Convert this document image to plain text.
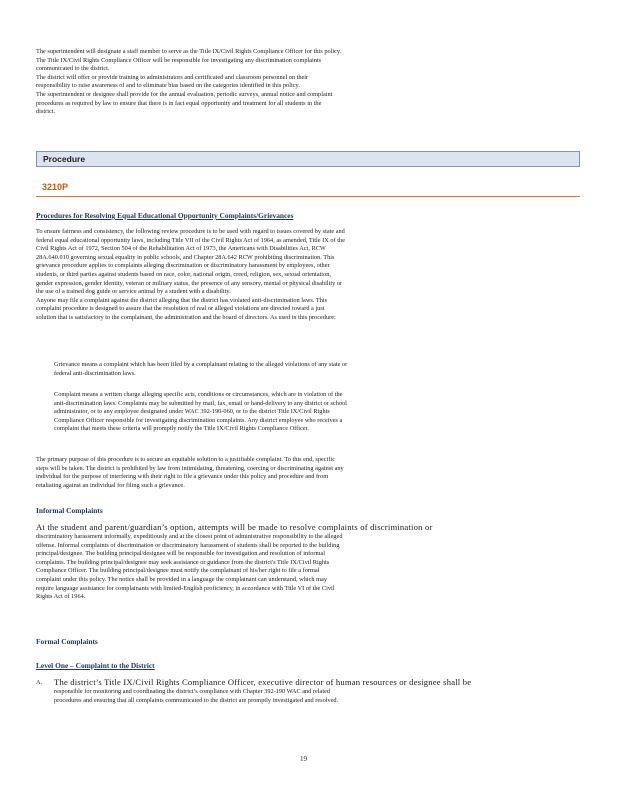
The superintendent will designate a staff member to serve as the Title IX/Civil Rights Compliance Officer for this policy.
The Title IX/Civil Rights Compliance Officer will be responsible for investigating any discrimination complaints
communicated to the district.
The district will offer or provide training to administrators and certificated and classroom personnel on their
responsibility to raise awareness of and to eliminate bias based on the categories identified in this policy.
The superintendent or designee shall provide for the annual evaluation, periodic surveys, annual notice and complaint
procedures as required by law to ensure that there is in fact equal opportunity and treatment for all students in the
district.
Procedure
3210P
Procedures for Resolving Equal Educational Opportunity Complaints/Grievances
To ensure fairness and consistency, the following review procedure is to be used with regard to issues covered by state and
federal equal educational opportunity laws, including Title VII of the Civil Rights Act of 1964, as amended, Title IX of the
Civil Rights Act of 1972, Section 504 of the Rehabilitation Act of 1973, the Americans with Disabilities Act, RCW
28A.640.010 governing sexual equality in public schools, and Chapter 28A.642 RCW prohibiting discrimination. This
grievance procedure applies to complaints alleging discrimination or discriminatory harassment by employees, other
students, or third parties against students based on race, color, national origin, creed, religion, sex, sexual orientation,
gender expression, gender identity, veteran or military status, the presence of any sensory, mental or physical disability or
the use of a trained dog guide or service animal by a student with a disability.
Anyone may file a complaint against the district alleging that the district has violated anti-discrimination laws. This
complaint procedure is designed to assure that the resolution of real or alleged violations are directed toward a just
solution that is satisfactory to the complainant, the administration and the board of directors. As used in this procedure:
Grievance means a complaint which has been filed by a complainant relating to the alleged violations of any state or
federal anti-discrimination laws.
Complaint means a written charge alleging specific acts, conditions or circumstances, which are in violation of the
anti-discrimination laws. Complaints may be submitted by mail, fax, email or hand-delivery to any district or school
administrator, or to any employee designated under WAC 392-190-060, or to the district Title IX/Civil Rights
Compliance Officer responsible for investigating discrimination complaints. Any district employee who receives a
complaint that meets these criteria will promptly notify the Title IX/Civil Rights Compliance Officer.
The primary purpose of this procedure is to secure an equitable solution to a justifiable complaint. To this end, specific
steps will be taken. The district is prohibited by law from intimidating, threatening, coercing or discriminating against any
individual for the purpose of interfering with their right to file a grievance under this policy and procedure and from
retaliating against an individual for filing such a grievance.
Informal Complaints
At the student and parent/guardian’s option, attempts will be made to resolve complaints of discrimination or
discriminatory harassment informally, expeditiously and at the closest point of administrative responsibility to the alleged
offense. Informal complaints of discrimination or discriminatory harassment of students shall be reported to the building
principal/designee. The building principal/designee will be responsible for investigation and resolution of informal
complaints. The building principal/designee may seek assistance or guidance from the district's Title IX/Civil Rights
Compliance Officer. The building principal/designee must notify the complainant of his/her right to file a formal
complaint under this policy. The notice shall be provided in a language the complainant can understand, which may
require language assistance for complainants with limited-English proficiency, in accordance with Title VI of the Civil
Rights Act of 1964.
Formal Complaints
Level One – Complaint to the District
A. The district’s Title IX/Civil Rights Compliance Officer, executive director of human resources or designee shall be
responsible for monitoring and coordinating the district’s compliance with Chapter 392-190 WAC and related
procedures and ensuring that all complaints communicated to the district are promptly investigated and resolved.
19
